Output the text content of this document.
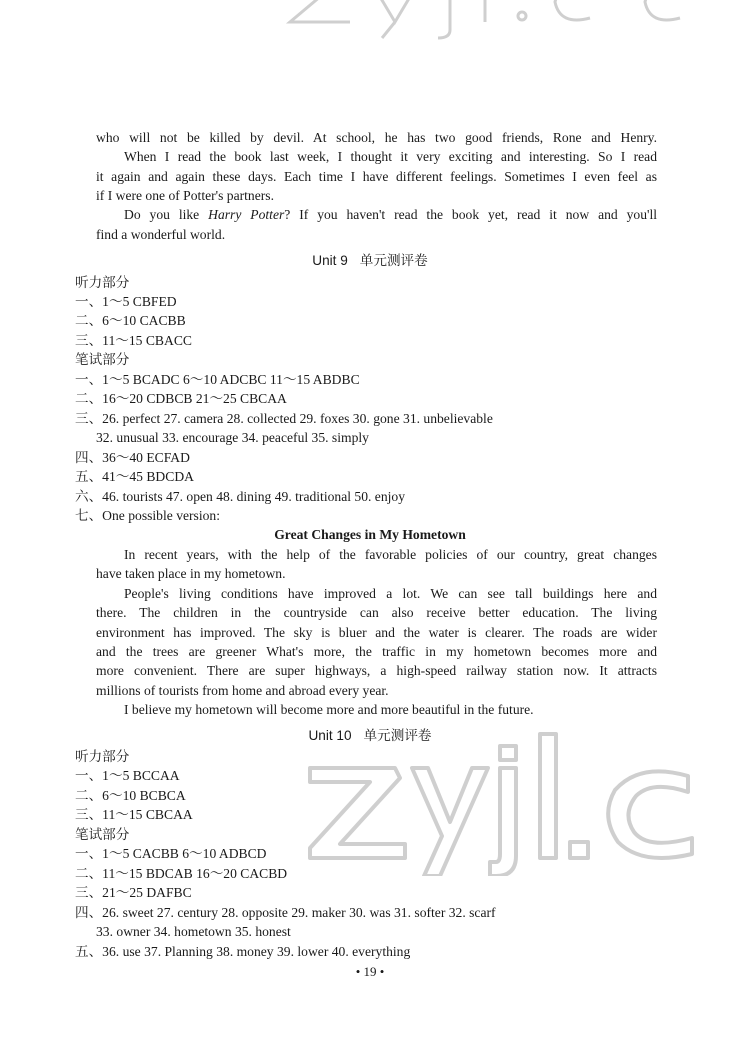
who will not be killed by devil. At school, he has two good friends, Rone and Henry.
When I read the book last week, I thought it very exciting and interesting. So I read
it again and again these days. Each time I have different feelings. Sometimes I even feel as
if I were one of Potter's partners.
Do you like Harry Potter? If you haven't read the book yet, read it now and you'll
find a wonderful world.
Unit 9 单元测评卷
听力部分
一、1～5 CBFED
二、6～10 CACBB
三、11～15 CBACC
笔试部分
一、1～5 BCADC 6～10 ADCBC 11～15 ABDBC
二、16～20 CDBCB 21～25 CBCAA
三、26. perfect 27. camera 28. collected 29. foxes 30. gone 31. unbelievable
32. unusual 33. encourage 34. peaceful 35. simply
四、36～40 ECFAD
五、41～45 BDCDA
六、46. tourists 47. open 48. dining 49. traditional 50. enjoy
七、One possible version:
Great Changes in My Hometown
In recent years, with the help of the favorable policies of our country, great changes
have taken place in my hometown.
People's living conditions have improved a lot. We can see tall buildings here and
there. The children in the countryside can also receive better education. The living
environment has improved. The sky is bluer and the water is clearer. The roads are wider
and the trees are greener What's more, the traffic in my hometown becomes more and
more convenient. There are super highways, a high-speed railway station now. It attracts
millions of tourists from home and abroad every year.
I believe my hometown will become more and more beautiful in the future.
Unit 10 单元测评卷
听力部分
一、1～5 BCCAA
二、6～10 BCBCA
三、11～15 CBCAA
笔试部分
一、1～5 CACBB 6～10 ADBCD
二、11～15 BDCAB 16～20 CACBD
三、21～25 DAFBC
四、26. sweet 27. century 28. opposite 29. maker 30. was 31. softer 32. scarf
33. owner 34. hometown 35. honest
五、36. use 37. Planning 38. money 39. lower 40. everything
• 19 •
